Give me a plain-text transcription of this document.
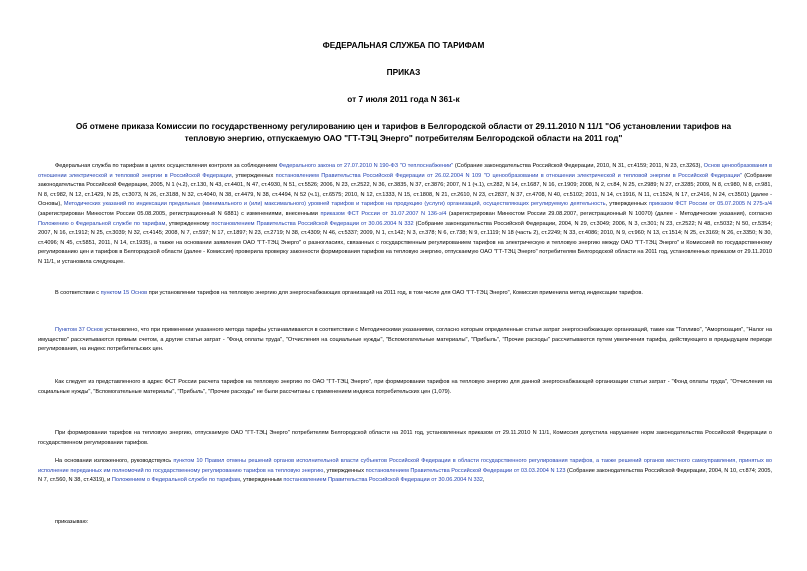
ФЕДЕРАЛЬНАЯ СЛУЖБА ПО ТАРИФАМ
ПРИКАЗ
от 7 июля 2011 года N 361-к
Об отмене приказа Комиссии по государственному регулированию цен и тарифов в Белгородской области от 29.11.2010 N 11/1 "Об установлении тарифов на
тепловую энергию, отпускаемую ОАО "ГТ-ТЭЦ Энерго" потребителям Белгородской области на 2011 год"

Федеральная служба по тарифам в целях осуществления контроля за соблюдением Федерального закона от 27.07.2010 N 190-ФЗ "О теплоснабжении" (Собрание законодательства Российской Федерации, 2010, N 31, ст.4159; 2011, N 23, ст.3263), Основ ценообразования в отношении электрической и тепловой энергии в Российской Федерации, утвержденных постановлением Правительства Российской Федерации от 26.02.2004 N 109 "О ценообразовании в отношении электрической и тепловой энергии в Российской Федерации" (Собрание законодательства Российской Федерации, 2005, N 1 (ч.2), ст.130, N 43, ст.4401, N 47, ст.4930, N 51, ст.5526; 2006, N 23, ст.2522, N 36, ст.3835, N 37, ст.3876; 2007, N 1 (ч.1), ст.282, N 14, ст.1687, N 16, ст.1909; 2008, N 2, ст.84, N 25, ст.2989; N 27, ст.3285; 2009, N 8, ст.980, N 8, ст.981, N 8, ст.982, N 12, ст.1429, N 25, ст.3073, N 26, ст.3188, N 32, ст.4040, N 38, ст.4479, N 38, ст.4494, N 52 (ч.1), ст.6575; 2010, N 12, ст.1333, N 15, ст.1808, N 21, ст.2610, N 23, ст.2837, N 37, ст.4708, N 40, ст.5102; 2011, N 14, ст.1916, N 11, ст.1524, N 17, ст.2416, N 24, ст.3501) (далее - Основы), Методических указаний по индексации предельных (минимального и (или) максимального) уровней тарифов и тарифов на продукцию (услуги) организаций, осуществляющих регулируемую деятельность, утвержденных приказом ФСТ России от 05.07.2005 N 275-э/4 (зарегистрирован Минюстом России 05.08.2005, регистрационный N 6881) с изменениями, внесенными приказом ФСТ России от 31.07.2007 N 136-э/4 (зарегистрирован Минюстом России 29.08.2007, регистрационный N 10070) (далее - Методические указания), согласно Положению о Федеральной службе по тарифам, утвержденному постановлением Правительства Российской Федерации от 30.06.2004 N 332 (Собрание законодательства Российской Федерации, 2004, N 29, ст.3049; 2006, N 3, ст.301; N 23, ст.2522; N 48, ст.5032; N 50, ст.5354; 2007, N 16, ст.1912; N 25, ст.3039; N 32, ст.4145; 2008, N 7, ст.597; N 17, ст.1897; N 23, ст.2719; N 38, ст.4309; N 46, ст.5337; 2009, N 1, ст.142; N 3, ст.378; N 6, ст.738; N 9, ст.1119; N 18 (часть 2), ст.2249; N 33, ст.4086; 2010, N 9, ст.960; N 13, ст.1514; N 25, ст.3169; N 26, ст.3350; N 30, ст.4096; N 45, ст.5851, 2011, N 14, ст.1935), а также на основании заявления ОАО "ГТ-ТЭЦ Энерго" о разногласиях, связанных с государственным регулированием тарифов на электрическую и тепловую энергию между ОАО "ГТ-ТЭЦ Энерго" и Комиссией по государственному регулированию цен и тарифов в Белгородской области (далее - Комиссия) проверила проверку законности формирования тарифов на тепловую энергию, отпускаемую ОАО "ГТ-ТЭЦ Энерго" потребителям Белгородской области на 2011 год, установленных приказом от 29.11.2010 N 11/1, и установила следующее.

В соответствии с пунктом 15 Основ при установлении тарифов на тепловую энергию для энергоснабжающих организаций на 2011 год, в том числе для ОАО "ГТ-ТЭЦ Энерго", Комиссия применила метод индексации тарифов.

Пунктом 37 Основ установлено, что при применении указанного метода тарифы устанавливаются в соответствии с Методическими указаниями, согласно которым определенные статьи затрат энергоснабжающих организаций, такие как "Топливо", "Амортизация", "Налог на имущество" рассчитываются прямым счетом, а другие статьи затрат - "Фонд оплаты труда", "Отчисления на социальные нужды", "Вспомогательные материалы", "Прибыль", "Прочие расходы" рассчитываются путем увеличения тарифа, действующего в предыдущем периоде регулирования, на индекс потребительских цен.

Как следует из представленного в адрес ФСТ России расчета тарифов на тепловую энергию по ОАО "ГТ-ТЭЦ Энерго", при формировании тарифов на тепловую энергию для данной энергоснабжающей организации статьи затрат - "Фонд оплаты труда", "Отчисления на социальные нужды", "Вспомогательные материалы", "Прибыль", "Прочие расходы" не были рассчитаны с применением индекса потребительских цен (1,079).

При формировании тарифов на тепловую энергию, отпускаемую ОАО "ГТ-ТЭЦ Энерго" потребителям Белгородской области на 2011 год, установленных приказом от 29.11.2010 N 11/1, Комиссия допустила нарушение норм законодательства Российской Федерации о государственном регулировании тарифов.

На основании изложенного, руководствуясь пунктом 10 Правил отмены решений органов исполнительной власти субъектов Российской Федерации в области государственного регулирования тарифов, а также решений органов местного самоуправления, принятых во исполнение переданных им полномочий по государственному регулированию тарифов на тепловую энергию, утвержденных постановлением Правительства Российской Федерации от 03.03.2004 N 123 (Собрание законодательства Российской Федерации, 2004, N 10, ст.874; 2005, N 7, ст.560, N 38, ст.4319), и Положением о Федеральной службе по тарифам, утвержденным постановлением Правительства Российской Федерации от 30.06.2004 N 332,

приказываю:
